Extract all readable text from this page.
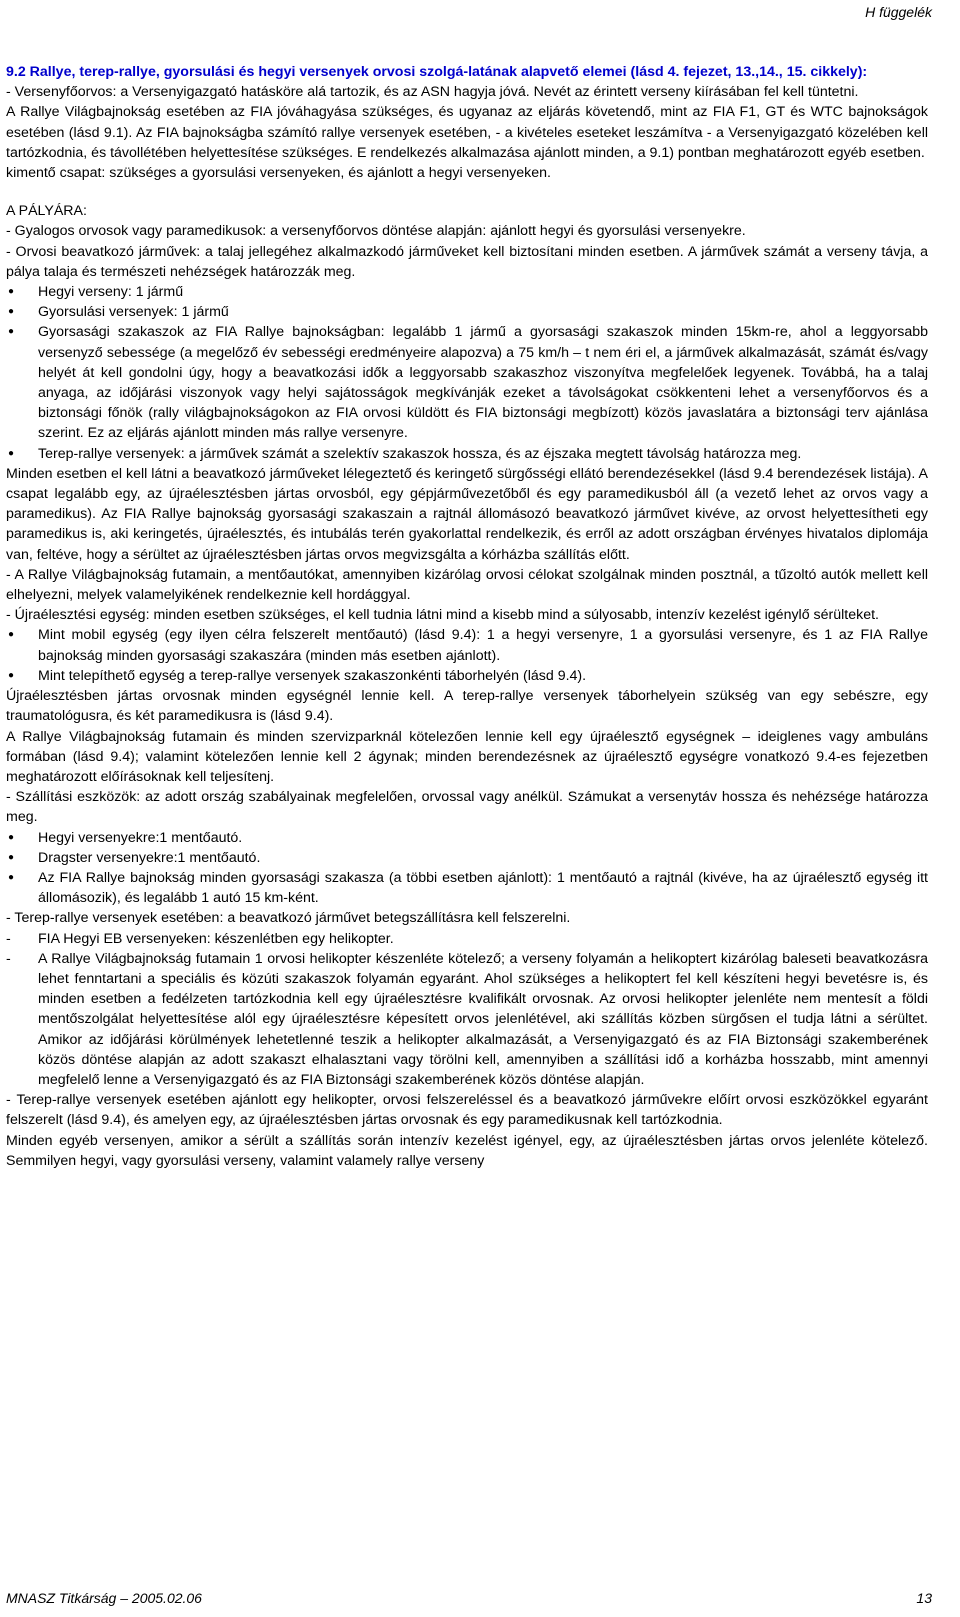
H függelék

9.2 Rallye, terep-rallye, gyorsulási és hegyi versenyek orvosi szolgá-latának alapvető elemei (lásd 4. fejezet, 13.,14., 15. cikkely):

- Versenyfőorvos: a Versenyigazgató hatásköre alá tartozik, és az ASN hagyja jóvá. Nevét az érintett verseny kiírásában fel kell tüntetni.

A Rallye Világbajnokság esetében az FIA jóváhagyása szükséges, és ugyanaz az eljárás követendő, mint az FIA F1, GT és WTC bajnokságok esetében (lásd 9.1). Az FIA bajnokságba számító rallye versenyek esetében, - a kivételes eseteket leszámítva - a Versenyigazgató közelében kell tartózkodnia, és távollétében helyettesítése szükséges. E rendelkezés alkalmazása ajánlott minden, a 9.1) pontban meghatározott egyéb esetben.

kimentő csapat: szükséges a gyorsulási versenyeken, és ajánlott a hegyi versenyeken.

A PÁLYÁRA:

- Gyalogos orvosok vagy paramedikusok: a versenyfőorvos döntése alapján: ajánlott hegyi és gyorsulási versenyekre.

- Orvosi beavatkozó járművek: a talaj jellegéhez alkalmazkodó járműveket kell biztosítani minden esetben. A járművek számát a verseny távja, a pálya talaja és természeti nehézségek határozzák meg.

● Hegyi verseny: 1 jármű

● Gyorsulási versenyek: 1 jármű

● Gyorsasági szakaszok az FIA Rallye bajnokságban: legalább 1 jármű a gyorsasági szakaszok minden 15km-re, ahol a leggyorsabb versenyző sebessége (a megelőző év sebességi eredményeire alapozva) a 75 km/h – t nem éri el, a járművek alkalmazását, számát és/vagy helyét át kell gondolni úgy, hogy a beavatkozási idők a leggyorsabb szakaszhoz viszonyítva megfelelőek legyenek. Továbbá, ha a talaj anyaga, az időjárási viszonyok vagy helyi sajátosságok megkívánják ezeket a távolságokat csökkenteni lehet a versenyfőorvos és a biztonsági főnök (rally világbajnokságokon az FIA orvosi küldött és FIA biztonsági megbízott) közös javaslatára a biztonsági terv ajánlása szerint. Ez az eljárás ajánlott minden más rallye versenyre.

● Terep-rallye versenyek: a járművek számát a szelektív szakaszok hossza, és az éjszaka megtett távolság határozza meg.

Minden esetben el kell látni a beavatkozó járműveket lélegeztető és keringető sürgősségi ellátó berendezésekkel (lásd 9.4 berendezések listája). A csapat legalább egy, az újraélesztésben jártas orvosból, egy gépjárművezetőből és egy paramedikusból áll (a vezető lehet az orvos vagy a paramedikus). Az FIA Rallye bajnokság gyorsasági szakaszain a rajtnál állomásozó beavatkozó járművet kivéve, az orvost helyettesítheti egy paramedikus is, aki keringetés, újraélesztés, és intubálás terén gyakorlattal rendelkezik, és erről az adott országban érvényes hivatalos diplomája van, feltéve, hogy a sérültet az újraélesztésben jártas orvos megvizsgálta a kórházba szállítás előtt.

- A Rallye Világbajnokság futamain, a mentőautókat, amennyiben kizárólag orvosi célokat szolgálnak minden posztnál, a tűzoltó autók mellett kell elhelyezni, melyek valamelyikének rendelkeznie kell hordággyal.

- Újraélesztési egység: minden esetben szükséges, el kell tudnia látni mind a kisebb mind a súlyosabb, intenzív kezelést igénylő sérülteket.

● Mint mobil egység (egy ilyen célra felszerelt mentőautó) (lásd 9.4): 1 a hegyi versenyre, 1 a gyorsulási versenyre, és 1 az FIA Rallye bajnokság minden gyorsasági szakaszára (minden más esetben ajánlott).

● Mint telepíthető egység a terep-rallye versenyek szakaszonkénti táborhelyén (lásd 9.4).

Újraélesztésben jártas orvosnak minden egységnél lennie kell. A terep-rallye versenyek táborhelyein szükség van egy sebészre, egy traumatológusra, és két paramedikusra is (lásd 9.4).

A Rallye Világbajnokság futamain és minden szervizparknál kötelezően lennie kell egy újraélesztő egységnek – ideiglenes vagy ambuláns formában (lásd 9.4); valamint kötelezően lennie kell 2 ágynak; minden berendezésnek az újraélesztő egységre vonatkozó 9.4-es fejezetben meghatározott előírásoknak kell teljesítenj.

- Szállítási eszközök: az adott ország szabályainak megfelelően, orvossal vagy anélkül. Számukat a versenytáv hossza és nehézsége határozza meg.

● Hegyi versenyekre:1 mentőautó.

● Dragster versenyekre:1 mentőautó.

● Az FIA Rallye bajnokság minden gyorsasági szakasza (a többi esetben ajánlott): 1 mentőautó a rajtnál (kivéve, ha az újraélesztő egység itt állomásozik), és legalább 1 autó 15 km-ként.

- Terep-rallye versenyek esetében: a beavatkozó járművet betegszállításra kell felszerelni.

- FIA Hegyi EB versenyeken: készenlétben egy helikopter.

- A Rallye Világbajnokság futamain 1 orvosi helikopter készenléte kötelező; a verseny folyamán a helikoptert kizárólag baleseti beavatkozásra lehet fenntartani a speciális és közúti szakaszok folyamán egyaránt. Ahol szükséges a helikoptert fel kell készíteni hegyi bevetésre is, és minden esetben a fedélzeten tartózkodnia kell egy újraélesztésre kvalifikált orvosnak. Az orvosi helikopter jelenléte nem mentesít a földi mentőszolgálat helyettesítése alól egy újraélesztésre képesített orvos jelenlétével, aki szállítás közben sürgősen el tudja látni a sérültet. Amikor az időjárási körülmények lehetetlenné teszik a helikopter alkalmazását, a Versenyigazgató és az FIA Biztonsági szakemberének közös döntése alapján az adott szakaszt elhalasztani vagy törölni kell, amennyiben a szállítási idő a korházba hosszabb, mint amennyi megfelelő lenne a Versenyigazgató és az FIA Biztonsági szakemberének közös döntése alapján.

- Terep-rallye versenyek esetében ajánlott egy helikopter, orvosi felszereléssel és a beavatkozó járművekre előírt orvosi eszközökkel egyaránt felszerelt (lásd 9.4), és amelyen egy, az újraélesztésben jártas orvosnak és egy paramedikusnak kell tartózkodnia.

Minden egyéb versenyen, amikor a sérült a szállítás során intenzív kezelést igényel, egy, az újraélesztésben jártas orvos jelenléte kötelező. Semmilyen hegyi, vagy gyorsulási verseny, valamint valamely rallye verseny

MNASZ Titkárság – 2005.02.06	13
